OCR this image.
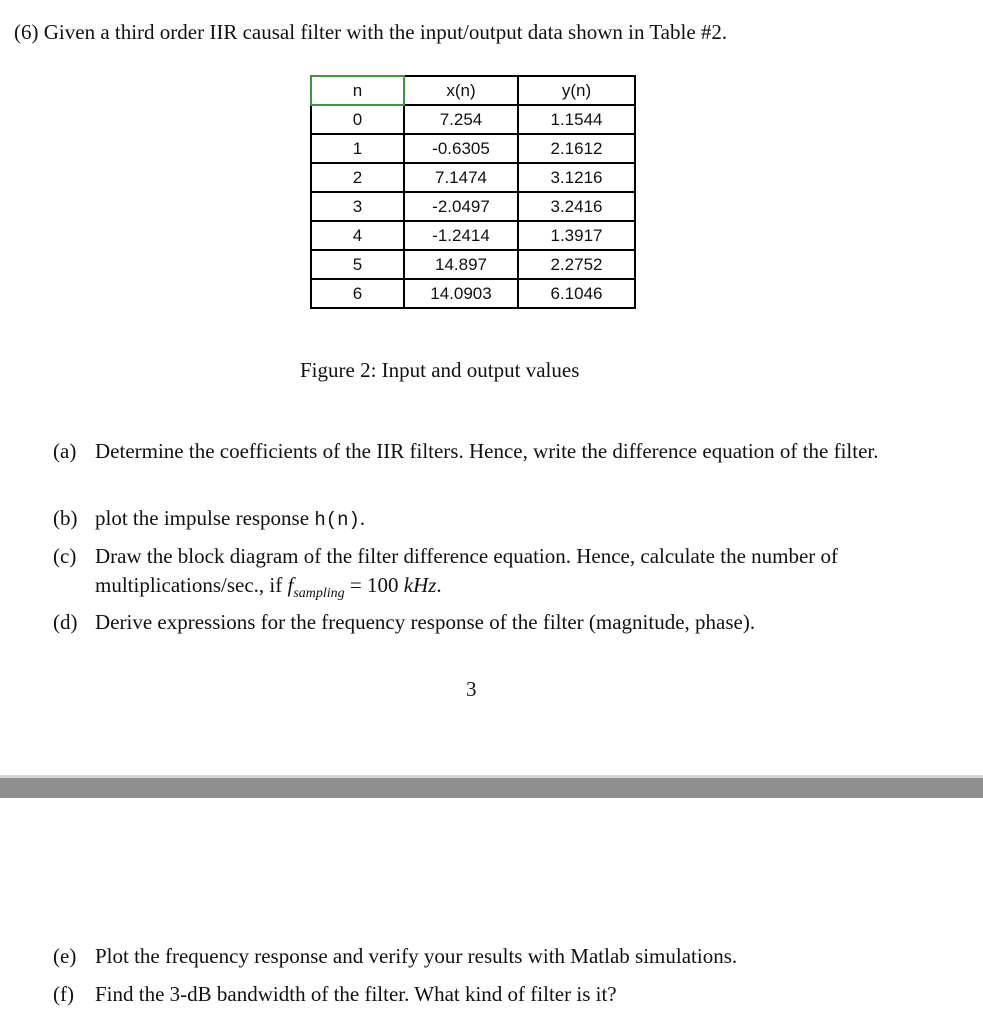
(6) Given a third order IIR causal filter with the input/output data shown in Table #2.
n	x(n)	y(n)
0	7.254	1.1544
1	-0.6305	2.1612
2	7.1474	3.1216
3	-2.0497	3.2416
4	-1.2414	1.3917
5	14.897	2.2752
6	14.0903	6.1046
Figure 2: Input and output values
(a) Determine the coefficients of the IIR filters. Hence, write the difference equation of the filter.
(b) plot the impulse response h(n).
(c) Draw the block diagram of the filter difference equation. Hence, calculate the number of multiplications/sec., if $f_{sampling} = 100$ kHz.
(d) Derive expressions for the frequency response of the filter (magnitude, phase).
3
(e) Plot the frequency response and verify your results with Matlab simulations.
(f) Find the 3-dB bandwidth of the filter. What kind of filter is it?
